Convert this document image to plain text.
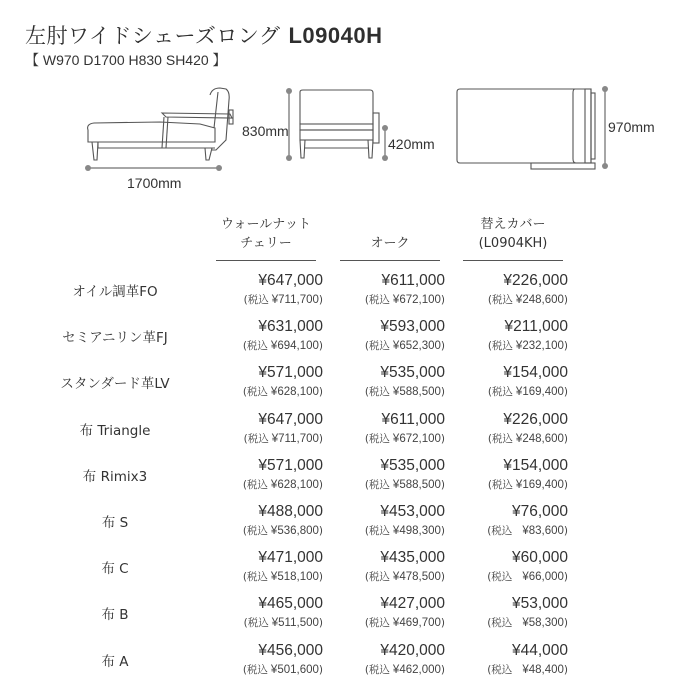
左肘ワイドシェーズロング L09040H
【 W970 D1700 H830 SH420 】
1700mm
830mm
420mm
970mm
ウォールナット
チェリー	オーク
替えカバー
(L0904KH)
オイル調革FO
¥647,000
(税込 ¥711,700)
¥611,000
(税込 ¥672,100)
¥226,000
(税込 ¥248,600)
セミアニリン革FJ
¥631,000
(税込 ¥694,100)
¥593,000
(税込 ¥652,300)
¥211,000
(税込 ¥232,100)
スタンダード革LV
¥571,000
(税込 ¥628,100)
¥535,000
(税込 ¥588,500)
¥154,000
(税込 ¥169,400)
布 Triangle
¥647,000
(税込 ¥711,700)
¥611,000
(税込 ¥672,100)
¥226,000
(税込 ¥248,600)
布 Rimix3
¥571,000
(税込 ¥628,100)
¥535,000
(税込 ¥588,500)
¥154,000
(税込 ¥169,400)
布 S
¥488,000
(税込 ¥536,800)
¥453,000
(税込 ¥498,300)
¥76,000
(税込 ¥83,600)
布 C
¥471,000
(税込 ¥518,100)
¥435,000
(税込 ¥478,500)
¥60,000
(税込 ¥66,000)
布 B
¥465,000
(税込 ¥511,500)
¥427,000
(税込 ¥469,700)
¥53,000
(税込 ¥58,300)
布 A
¥456,000
(税込 ¥501,600)
¥420,000
(税込 ¥462,000)
¥44,000
(税込 ¥48,400)
